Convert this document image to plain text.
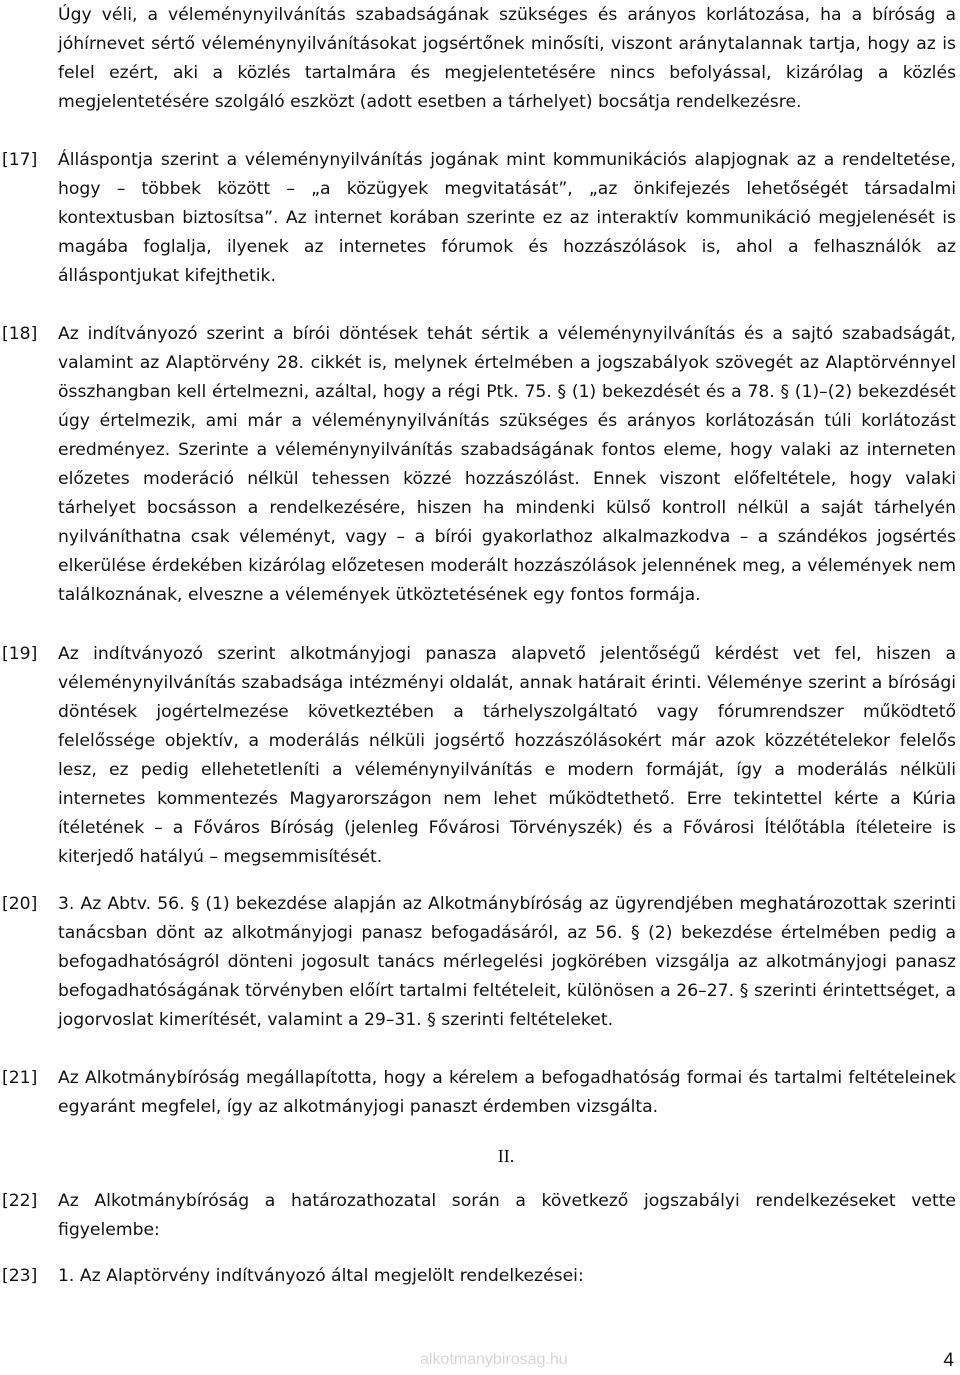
Úgy véli, a véleménynyilvánítás szabadságának szükséges és arányos korlátozása, ha a bíróság a jóhírnevet sértő véleménynyilvánításokat jogsértőnek minősíti, viszont aránytalannak tartja, hogy az is felel ezért, aki a közlés tartalmára és megjelentetésére nincs befolyással, kizárólag a közlés megjelentetésére szolgáló eszközt (adott esetben a tárhelyet) bocsátja rendelkezésre.
[17]	Álláspontja szerint a véleménynyilvánítás jogának mint kommunikációs alapjognak az a rendeltetése, hogy – többek között – „a közügyek megvitatását”, „az önkifejezés lehetőségét társadalmi kontextusban biztosítsa”. Az internet korában szerinte ez az interaktív kommunikáció megjelenését is magába foglalja, ilyenek az internetes fórumok és hozzászólások is, ahol a felhasználók az álláspontjukat kifejthetik.
[18]	Az indítványozó szerint a bírói döntések tehát sértik a véleménynyilvánítás és a sajtó szabadságát, valamint az Alaptörvény 28. cikkét is, melynek értelmében a jogszabályok szövegét az Alaptörvénnyel összhangban kell értelmezni, azáltal, hogy a régi Ptk. 75. § (1) bekezdését és a 78. § (1)–(2) bekezdését úgy értelmezik, ami már a véleménynyilvánítás szükséges és arányos korlátozásán túli korlátozást eredményez. Szerinte a véleménynyilvánítás szabadságának fontos eleme, hogy valaki az interneten előzetes moderáció nélkül tehessen közzé hozzászólást. Ennek viszont előfeltétele, hogy valaki tárhelyet bocsásson a rendelkezésére, hiszen ha mindenki külső kontroll nélkül a saját tárhelyén nyilváníthatna csak véleményt, vagy – a bírói gyakorlathoz alkalmazkodva – a szándékos jogsértés elkerülése érdekében kizárólag előzetesen moderált hozzászólások jelennének meg, a vélemények nem találkoznának, elveszne a vélemények ütköztetésének egy fontos formája.
[19]	Az indítványozó szerint alkotmányjogi panasza alapvető jelentőségű kérdést vet fel, hiszen a véleménynyilvánítás szabadsága intézményi oldalát, annak határait érinti. Véleménye szerint a bírósági döntések jogértelmezése következtében a tárhelyszolgáltató vagy fórumrendszer működtető felelőssége objektív, a moderálás nélküli jogsértő hozzászólásokért már azok közzétételekor felelős lesz, ez pedig ellehetetleníti a véleménynyilvánítás e modern formáját, így a moderálás nélküli internetes kommentezés Magyarországon nem lehet működtethető. Erre tekintettel kérte a Kúria ítéletének – a Főváros Bíróság (jelenleg Fővárosi Törvényszék) és a Fővárosi Ítélőtábla ítéleteire is kiterjedő hatályú – megsemmisítését.
[20]	3. Az Abtv. 56. § (1) bekezdése alapján az Alkotmánybíróság az ügyrendjében meghatározottak szerinti tanácsban dönt az alkotmányjogi panasz befogadásáról, az 56. § (2) bekezdése értelmében pedig a befogadhatóságról dönteni jogosult tanács mérlegelési jogkörében vizsgálja az alkotmányjogi panasz befogadhatóságának törvényben előírt tartalmi feltételeit, különösen a 26–27. § szerinti érintettséget, a jogorvoslat kimerítését, valamint a 29–31. § szerinti feltételeket.
[21]	Az Alkotmánybíróság megállapította, hogy a kérelem a befogadhatóság formai és tartalmi feltételeinek egyaránt megfelel, így az alkotmányjogi panaszt érdemben vizsgálta.
II.
[22]	Az Alkotmánybíróság a határozathozatal során a következő jogszabályi rendelkezéseket vette figyelembe:
[23]	1. Az Alaptörvény indítványozó által megjelölt rendelkezései:
alkotmanybirosag.hu	4
